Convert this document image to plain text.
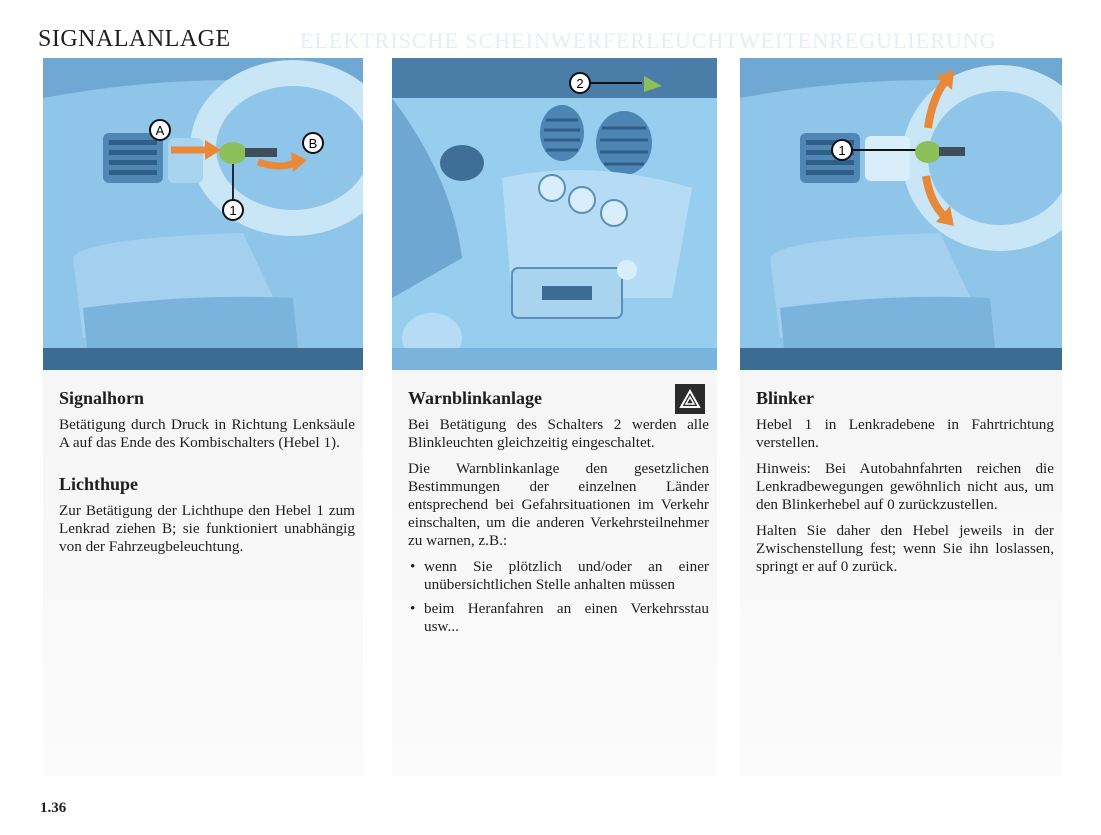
ELEKTRISCHE SCHEINWERFERLEUCHTWEITENREGULIERUNG
SIGNALANLAGE
A
B
1
Signalhorn

Betätigung durch Druck in Richtung Lenksäule A auf das Ende des Kombischalters (Hebel 1).

Lichthupe

Zur Betätigung der Lichthupe den Hebel 1 zum Lenkrad ziehen B; sie funktioniert unabhängig von der Fahrzeugbeleuchtung.

2
Warnblinkanlage

Bei Betätigung des Schalters 2 werden alle Blinkleuchten gleichzeitig eingeschaltet.

Die Warnblinkanlage den gesetzlichen Bestimmungen der einzelnen Länder entsprechend bei Gefahrsituationen im Verkehr einschalten, um die anderen Verkehrsteilnehmer zu warnen, z.B.:

• wenn Sie plötzlich und/oder an einer unübersichtlichen Stelle anhalten müssen
• beim Heranfahren an einen Verkehrsstau usw...
1
Blinker

Hebel 1 in Lenkradebene in Fahrtrichtung verstellen.

Hinweis: Bei Autobahnfahrten reichen die Lenkradbewegungen gewöhnlich nicht aus, um den Blinkerhebel auf 0 zurückzustellen.

Halten Sie daher den Hebel jeweils in der Zwischenstellung fest; wenn Sie ihn loslassen, springt er auf 0 zurück.

1.36
